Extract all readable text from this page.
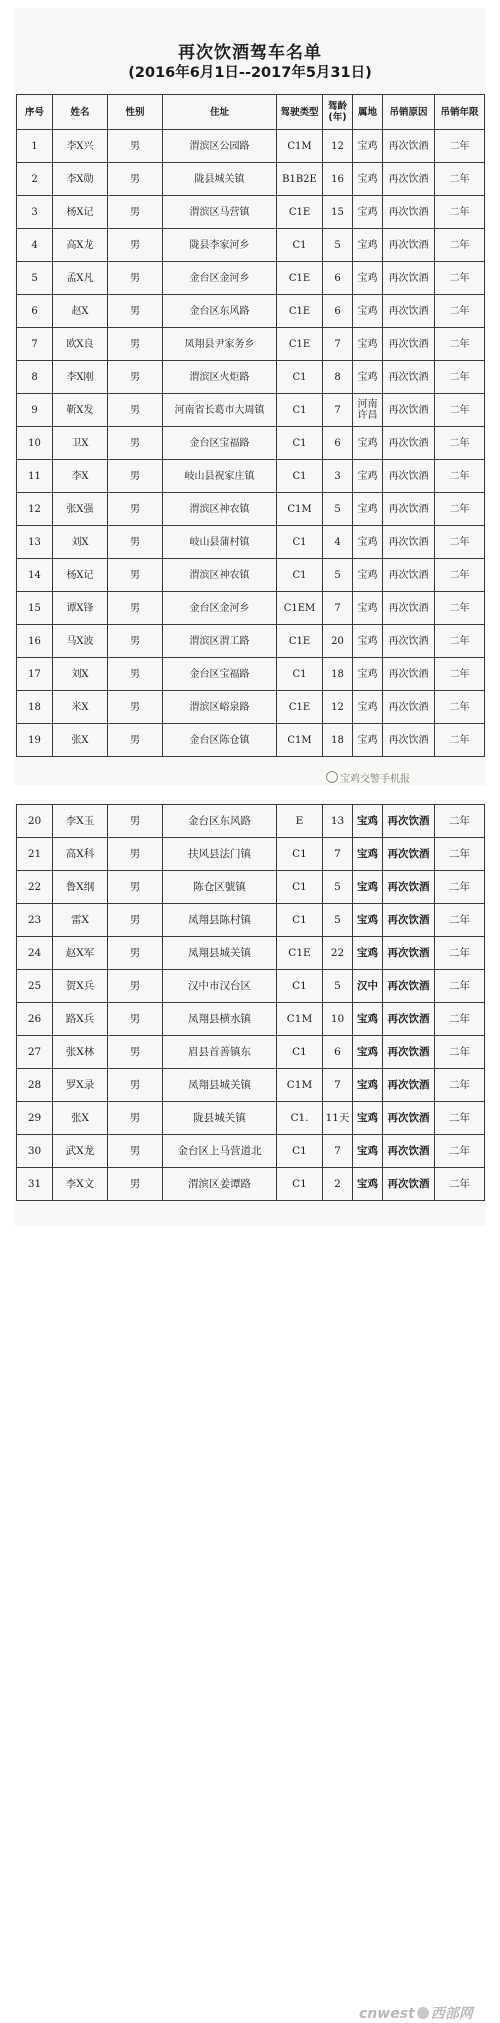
再次饮酒驾车名单
(2016年6月1日--2017年5月31日)
序号	姓名	性别	住址	驾驶类型	驾龄(年)	属地	吊销原因	吊销年限
1	李X兴	男	渭滨区公园路	C1M	12	宝鸡	再次饮酒	二年
2	李X勋	男	陇县城关镇	B1B2E	16	宝鸡	再次饮酒	二年
3	杨X记	男	渭滨区马营镇	C1E	15	宝鸡	再次饮酒	二年
4	高X龙	男	陇县李家河乡	C1	5	宝鸡	再次饮酒	二年
5	孟X凡	男	金台区金河乡	C1E	6	宝鸡	再次饮酒	二年
6	赵X	男	金台区东风路	C1E	6	宝鸡	再次饮酒	二年
7	欧X良	男	凤翔县尹家务乡	C1E	7	宝鸡	再次饮酒	二年
8	李X刚	男	渭滨区火炬路	C1	8	宝鸡	再次饮酒	二年
9	靳X发	男	河南省长葛市大周镇	C1	7	河南许昌	再次饮酒	二年
10	卫X	男	金台区宝福路	C1	6	宝鸡	再次饮酒	二年
11	李X	男	岐山县祝家庄镇	C1	3	宝鸡	再次饮酒	二年
12	张X强	男	渭滨区神农镇	C1M	5	宝鸡	再次饮酒	二年
13	刘X	男	岐山县蒲村镇	C1	4	宝鸡	再次饮酒	二年
14	杨X记	男	渭滨区神农镇	C1	5	宝鸡	再次饮酒	二年
15	谭X锋	男	金台区金河乡	C1EM	7	宝鸡	再次饮酒	二年
16	马X波	男	渭滨区渭工路	C1E	20	宝鸡	再次饮酒	二年
17	刘X	男	金台区宝福路	C1	18	宝鸡	再次饮酒	二年
18	米X	男	渭滨区峪泉路	C1E	12	宝鸡	再次饮酒	二年
19	张X	男	金台区陈仓镇	C1M	18	宝鸡	再次饮酒	二年
宝鸡交警手机报
20	李X玉	男	金台区东风路	E	13	宝鸡	再次饮酒	二年
21	高X科	男	扶风县法门镇	C1	7	宝鸡	再次饮酒	二年
22	鲁X纲	男	陈仓区號镇	C1	5	宝鸡	再次饮酒	二年
23	雷X	男	凤翔县陈村镇	C1	5	宝鸡	再次饮酒	二年
24	赵X军	男	凤翔县城关镇	C1E	22	宝鸡	再次饮酒	二年
25	贺X兵	男	汉中市汉台区	C1	5	汉中	再次饮酒	二年
26	路X兵	男	凤翔县横水镇	C1M	10	宝鸡	再次饮酒	二年
27	张X林	男	眉县首善镇东	C1	6	宝鸡	再次饮酒	二年
28	罗X录	男	凤翔县城关镇	C1M	7	宝鸡	再次饮酒	二年
29	张X	男	陇县城关镇	C1.	11天	宝鸡	再次饮酒	二年
30	武X龙	男	金台区上马营道北	C1	7	宝鸡	再次饮酒	二年
31	李X文	男	渭滨区姜谭路	C1	2	宝鸡	再次饮酒	二年
cnwest 西部网
